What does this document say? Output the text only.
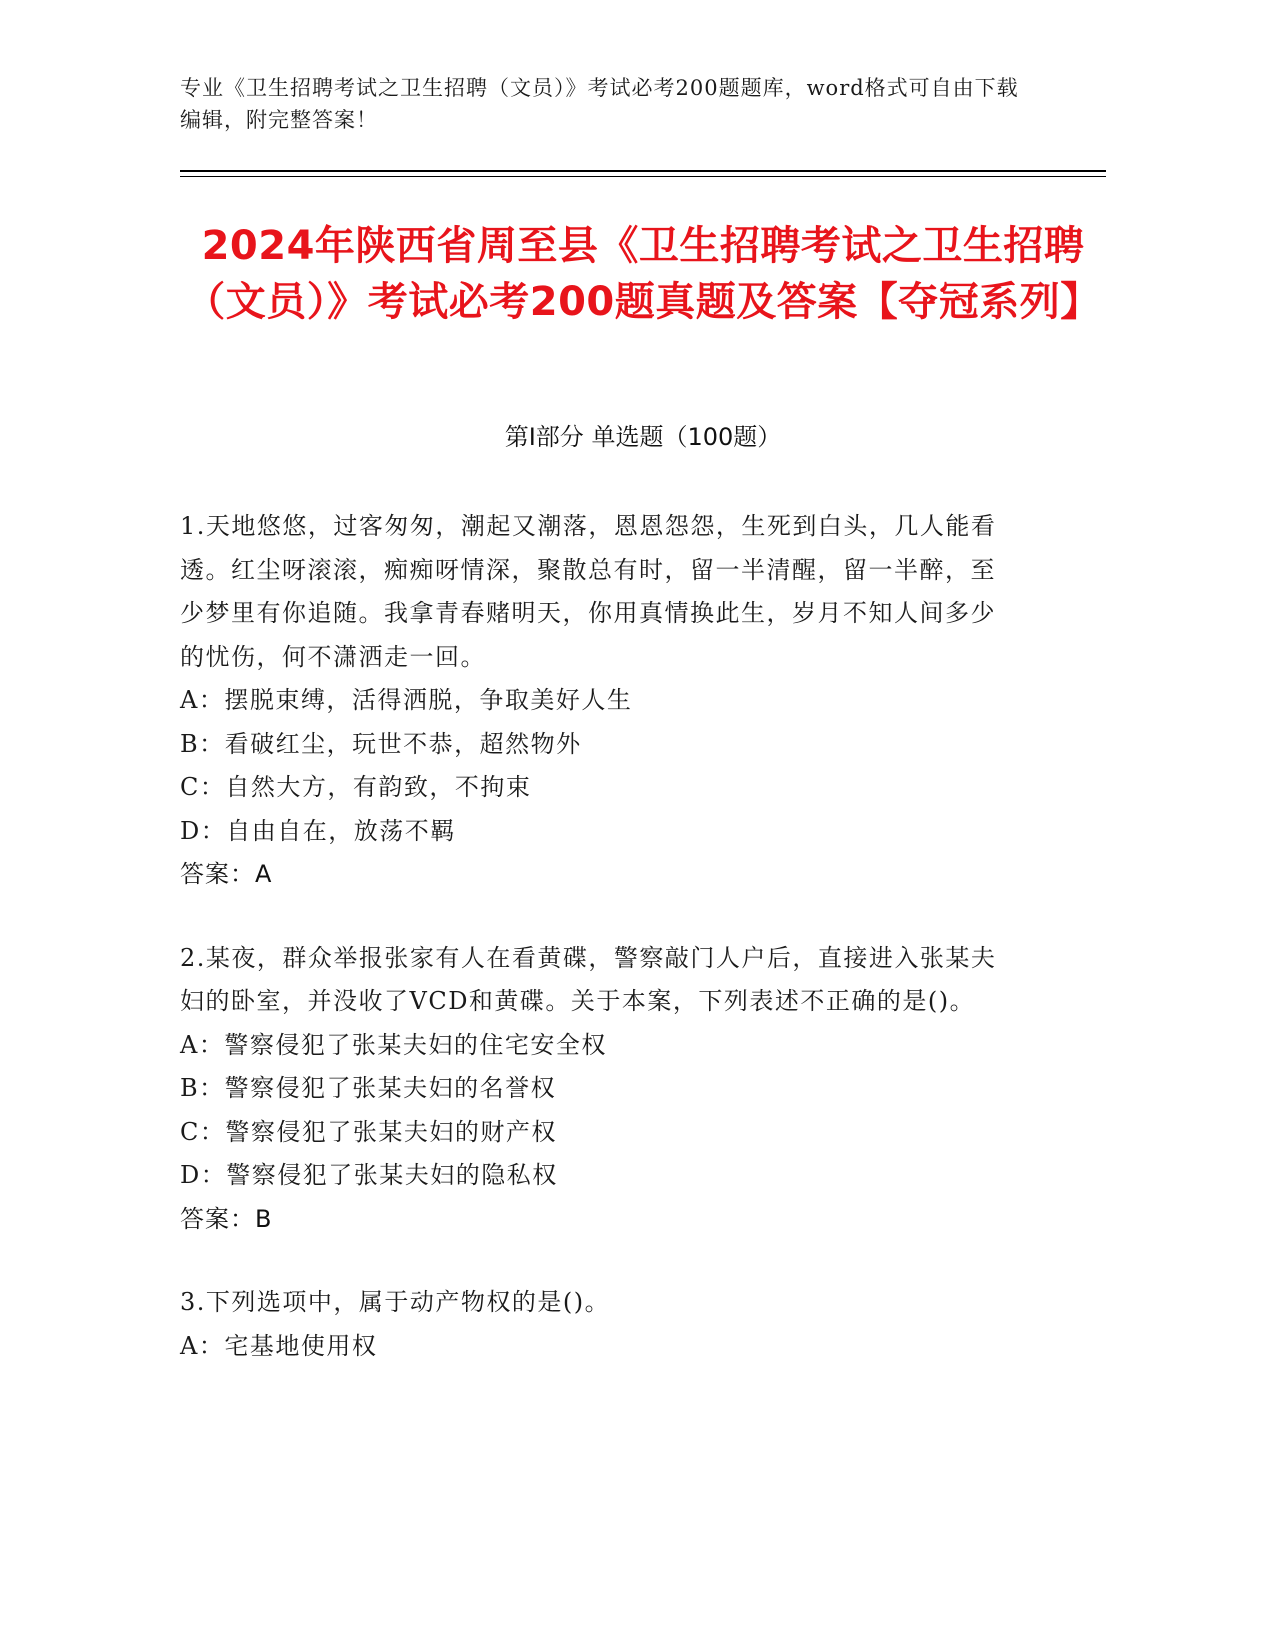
专业《卫生招聘考试之卫生招聘（文员）》考试必考200题题库，word格式可自由下载编辑，附完整答案！
2024年陕西省周至县《卫生招聘考试之卫生招聘（文员）》考试必考200题真题及答案【夺冠系列】
第Ⅰ部分 单选题（100题）

1.天地悠悠，过客匆匆，潮起又潮落，恩恩怨怨，生死到白头，几人能看透。红尘呀滚滚，痴痴呀情深，聚散总有时，留一半清醒，留一半醉，至少梦里有你追随。我拿青春赌明天，你用真情换此生，岁月不知人间多少的忧伤，何不潇洒走一回。

A：摆脱束缚，活得洒脱，争取美好人生

B：看破红尘，玩世不恭，超然物外

C：自然大方，有韵致，不拘束

D：自由自在，放荡不羁

答案：A

2.某夜，群众举报张家有人在看黄碟，警察敲门人户后，直接进入张某夫妇的卧室，并没收了VCD和黄碟。关于本案，下列表述不正确的是()。

A：警察侵犯了张某夫妇的住宅安全权

B：警察侵犯了张某夫妇的名誉权

C：警察侵犯了张某夫妇的财产权

D：警察侵犯了张某夫妇的隐私权

答案：B

3.下列选项中，属于动产物权的是()。

A：宅基地使用权
